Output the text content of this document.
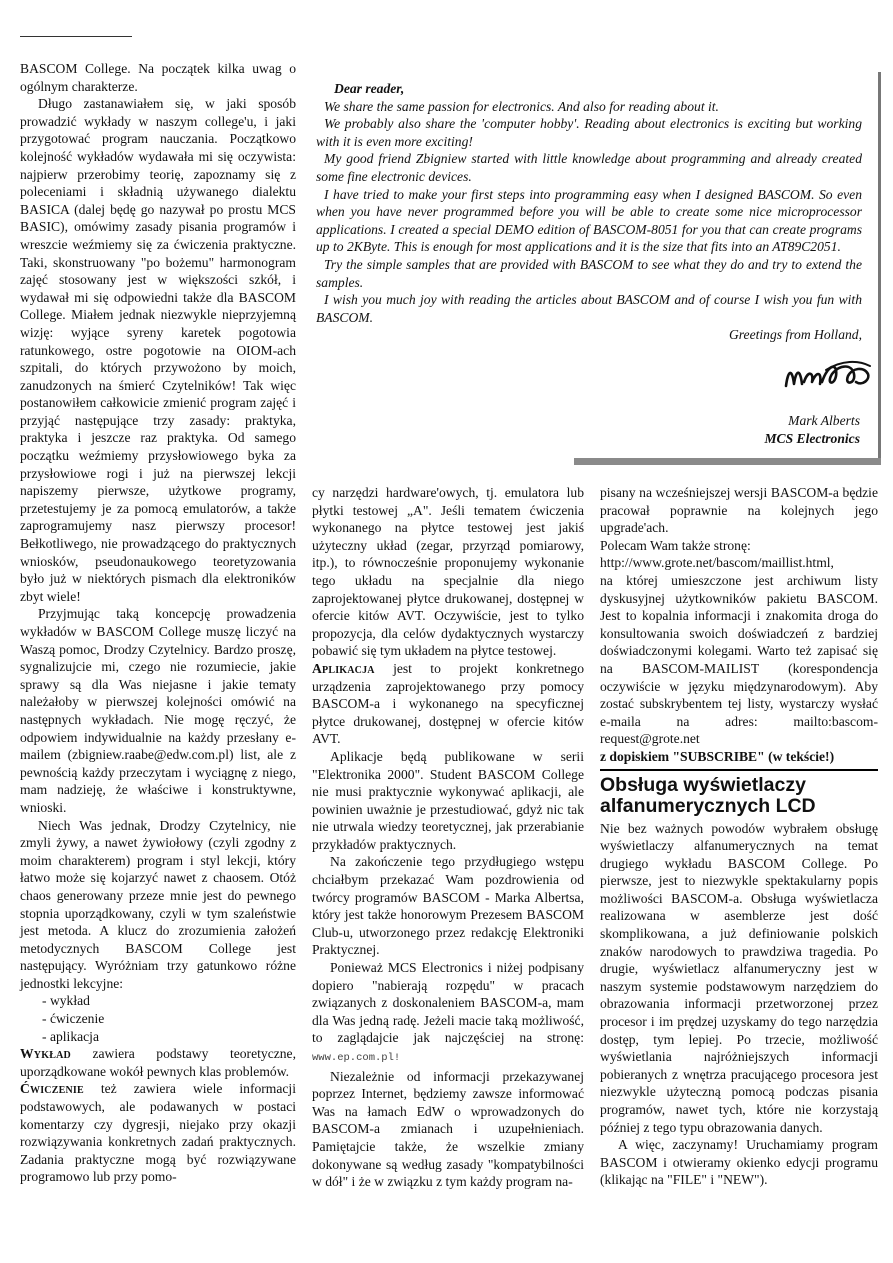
BASCOM College. Na początek kilka uwag o ogólnym charakterze.

Długo zastanawiałem się, w jaki sposób prowadzić wykłady w naszym college'u, i jaki przygotować program nauczania. Początkowo kolejność wykładów wydawała mi się oczywista: najpierw przerobimy teorię, zapoznamy się z poleceniami i składnią używanego dialektu BASICA (dalej będę go nazywał po prostu MCS BASIC), omówimy zasady pisania programów i wreszcie weźmiemy się za ćwiczenia praktyczne. Taki, skonstruowany "po bożemu" harmonogram zajęć stosowany jest w większości szkół, i wydawał mi się odpowiedni także dla BASCOM College. Miałem jednak niezwykle nieprzyjemną wizję: wyjące syreny karetek pogotowia ratunkowego, ostre pogotowie na OIOM-ach szpitali, do których przywożono by moich, zanudzonych na śmierć Czytelników! Tak więc postanowiłem całkowicie zmienić program zajęć i przyjąć następujące trzy zasady: praktyka, praktyka i jeszcze raz praktyka. Od samego początku weźmiemy przysłowiowego byka za przysłowiowe rogi i już na pierwszej lekcji napiszemy pierwsze, użytkowe programy, przetestujemy je za pomocą emulatorów, a także zaprogramujemy nasz pierwszy procesor! Bełkotliwego, nie prowadzącego do praktycznych wniosków, pseudonaukowego teoretyzowania było już w niektórych pismach dla elektroników zbyt wiele!

Przyjmując taką koncepcję prowadzenia wykładów w BASCOM College muszę liczyć na Waszą pomoc, Drodzy Czytelnicy. Bardzo proszę, sygnalizujcie mi, czego nie rozumiecie, jakie sprawy są dla Was niejasne i jakie tematy należałoby w pierwszej kolejności omówić na następnych wykładach. Nie mogę ręczyć, że odpowiem indywidualnie na każdy przesłany e-mailem (zbigniew.raabe@edw.com.pl) list, ale z pewnością każdy przeczytam i wyciągnę z niego, mam nadzieję, że właściwe i konstruktywne, wnioski.

Niech Was jednak, Drodzy Czytelnicy, nie zmyli żywy, a nawet żywiołowy (czyli zgodny z moim charakterem) program i styl lekcji, który łatwo może się kojarzyć nawet z chaosem. Otóż chaos generowany przeze mnie jest do pewnego stopnia uporządkowany, czyli w tym szaleństwie jest metoda. A klucz do zrozumienia założeń metodycznych BASCOM College jest następujący. Wyróżniam trzy gatunkowo różne jednostki lekcyjne:

- wykład
- ćwiczenie
- aplikacja

Wykład zawiera podstawy teoretyczne, uporządkowane wokół pewnych klas problemów.

Ćwiczenie też zawiera wiele informacji podstawowych, ale podawanych w postaci komentarzy czy dygresji, niejako przy okazji rozwiązywania konkretnych zadań praktycznych. Zadania praktyczne mogą być rozwiązywane programowo lub przy pomo-

Dear reader,

We share the same passion for electronics. And also for reading about it.

We probably also share the 'computer hobby'. Reading about electronics is exciting but working with it is even more exciting!

My good friend Zbigniew started with little knowledge about programming and already created some fine electronic devices.

I have tried to make your first steps into programming easy when I designed BASCOM. So even when you have never programmed before you will be able to create some nice microprocessor applications. I created a special DEMO edition of BASCOM-8051 for you that can create programs up to 2KByte. This is enough for most applications and it is the size that fits into an AT89C2051.

Try the simple samples that are provided with BASCOM to see what they do and try to extend the samples.

I wish you much joy with reading the articles about BASCOM and of course I wish you fun with BASCOM.

Greetings from Holland,

Mark Alberts
MCS Electronics

cy narzędzi hardware'owych, tj. emulatora lub płytki testowej „A". Jeśli tematem ćwiczenia wykonanego na płytce testowej jest jakiś użyteczny układ (zegar, przyrząd pomiarowy, itp.), to równocześnie proponujemy wykonanie tego układu na specjalnie dla niego zaprojektowanej płytce drukowanej, dostępnej w ofercie kitów AVT. Oczywiście, jest to tylko propozycja, dla celów dydaktycznych wystarczy pobawić się tym układem na płytce testowej.

Aplikacja jest to projekt konkretnego urządzenia zaprojektowanego przy pomocy BASCOM-a i wykonanego na specyficznej płytce drukowanej, dostępnej w ofercie kitów AVT.

Aplikacje będą publikowane w serii "Elektronika 2000". Student BASCOM College nie musi praktycznie wykonywać aplikacji, ale powinien uważnie je przestudiować, gdyż nic tak nie utrwala wiedzy teoretycznej, jak przerabianie przykładów praktycznych.

Na zakończenie tego przydługiego wstępu chciałbym przekazać Wam pozdrowienia od twórcy programów BASCOM - Marka Albertsa, który jest także honorowym Prezesem BASCOM Club-u, utworzonego przez redakcję Elektroniki Praktycznej.

Ponieważ MCS Electronics i niżej podpisany dopiero "nabierają rozpędu" w pracach związanych z doskonaleniem BASCOM-a, mam dla Was jedną radę. Jeżeli macie taką możliwość, to zaglądajcie jak najczęściej na stronę: www.ep.com.pl!

Niezależnie od informacji przekazywanej poprzez Internet, będziemy zawsze informować Was na łamach EdW o wprowadzonych do BASCOM-a zmianach i uzupełnieniach. Pamiętajcie także, że wszelkie zmiany dokonywane są według zasady "kompatybilności w dół" i że w związku z tym każdy program na-

pisany na wcześniejszej wersji BASCOM-a będzie pracował poprawnie na kolejnych jego upgrade'ach.

Polecam Wam także stronę:

http://www.grote.net/bascom/maillist.html,

na której umieszczone jest archiwum listy dyskusyjnej użytkowników pakietu BASCOM. Jest to kopalnia informacji i znakomita droga do konsultowania swoich doświadczeń z bardziej doświadczonymi kolegami. Warto też zapisać się na BASCOM-MAILIST (korespondencja oczywiście w języku międzynarodowym). Aby zostać subskrybentem tej listy, wystarczy wysłać e-maila na adres: mailto:bascom-request@grote.net

z dopiskiem "SUBSCRIBE" (w tekście!)

Obsługa wyświetlaczy alfanumerycznych LCD

Nie bez ważnych powodów wybrałem obsługę wyświetlaczy alfanumerycznych na temat drugiego wykładu BASCOM College. Po pierwsze, jest to niezwykle spektakularny popis możliwości BASCOM-a. Obsługa wyświetlacza realizowana w asemblerze jest dość skomplikowana, a już definiowanie polskich znaków narodowych to prawdziwa tragedia. Po drugie, wyświetlacz alfanumeryczny jest w naszym systemie podstawowym narzędziem do obrazowania informacji przetworzonej przez procesor i im prędzej uzyskamy do tego narzędzia dostęp, tym lepiej. Po trzecie, możliwość wyświetlania najróżniejszych informacji pobieranych z wnętrza pracującego procesora jest niezwykle użyteczną pomocą podczas pisania programów, nawet tych, które nie korzystają później z tego typu obrazowania danych.

A więc, zaczynamy! Uruchamiamy program BASCOM i otwieramy okienko edycji programu (klikając na "FILE" i "NEW").
